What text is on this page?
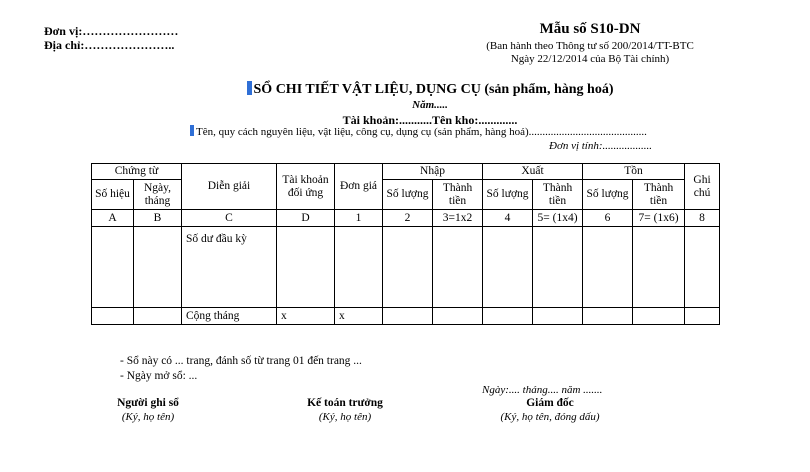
Đơn vị:……………………
Địa chỉ:…………………..
Mẫu số S10-DN
(Ban hành theo Thông tư số 200/2014/TT-BTC
Ngày 22/12/2014 của Bộ Tài chính)
SỔ CHI TIẾT VẬT LIỆU, DỤNG CỤ (sản phẩm, hàng hoá)
Năm.....
Tài khoản:...........Tên kho:.............
Tên, quy cách nguyên liệu, vật liệu, công cụ, dụng cụ (sản phẩm, hàng hoá)...........................................
Đơn vị tính:..................
Chứng từ		Diễn giải	Tài khoản đối ứng	Đơn giá	Nhập		Xuất		Tồn		Ghi chú
Số hiệu	Ngày, tháng				Số lượng	Thành tiền	Số lượng	Thành tiền	Số lượng	Thành tiền	
A	B	C	D	1	2	3=1x2	4	5= (1x4)	6	7= (1x6)	8
		Số dư đầu kỳ									
		Cộng tháng	x	x							
- Sổ này có ... trang, đánh số từ trang 01 đến trang ...
- Ngày mở sổ: ...
Ngày:.... tháng.... năm .......
Người ghi sổ
(Ký, họ tên)
Kế toán trưởng
(Ký, họ tên)
Giám đốc
(Ký, họ tên, đóng dấu)
